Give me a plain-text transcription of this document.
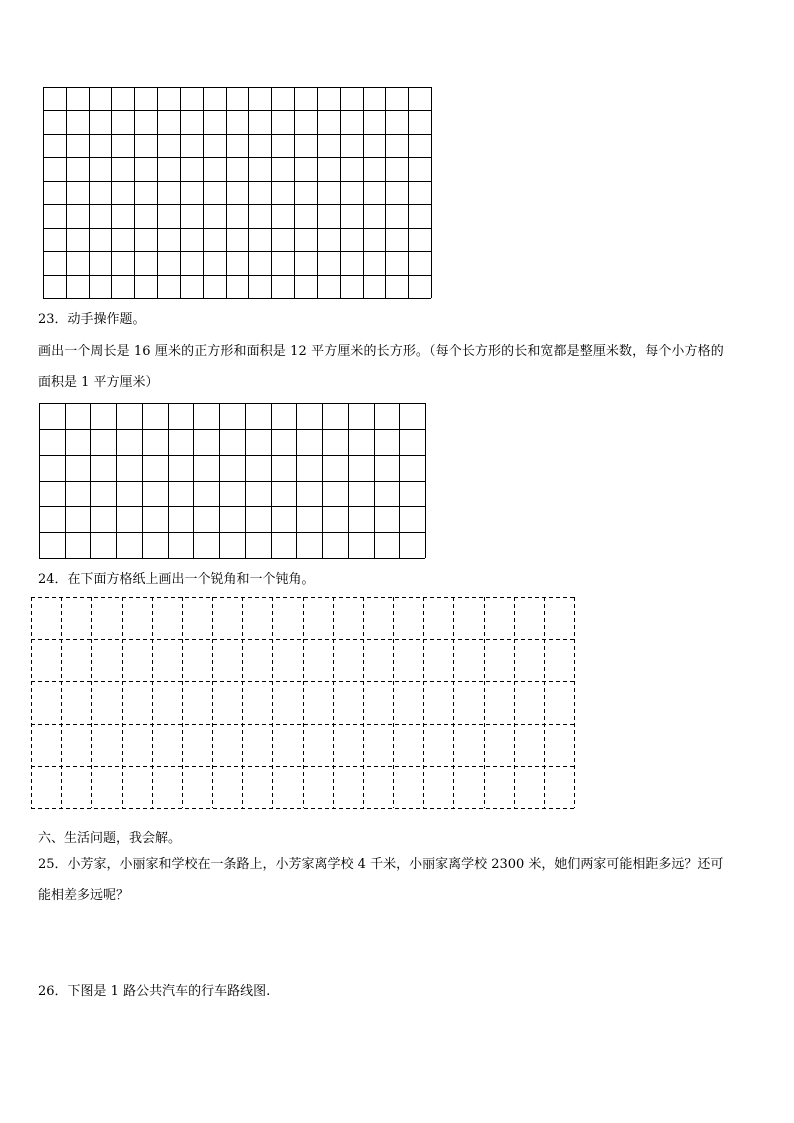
23．动手操作题。

画出一个周长是 16 厘米的正方形和面积是 12 平方厘米的长方形。（每个长方形的长和宽都是整厘米数，每个小方格的

面积是 1 平方厘米）

24．在下面方格纸上画出一个锐角和一个钝角。

六、生活问题，我会解。

25．小芳家，小丽家和学校在一条路上，小芳家离学校 4 千米，小丽家离学校 2300 米，她们两家可能相距多远？还可

能相差多远呢？

26．下图是 1 路公共汽车的行车路线图.
